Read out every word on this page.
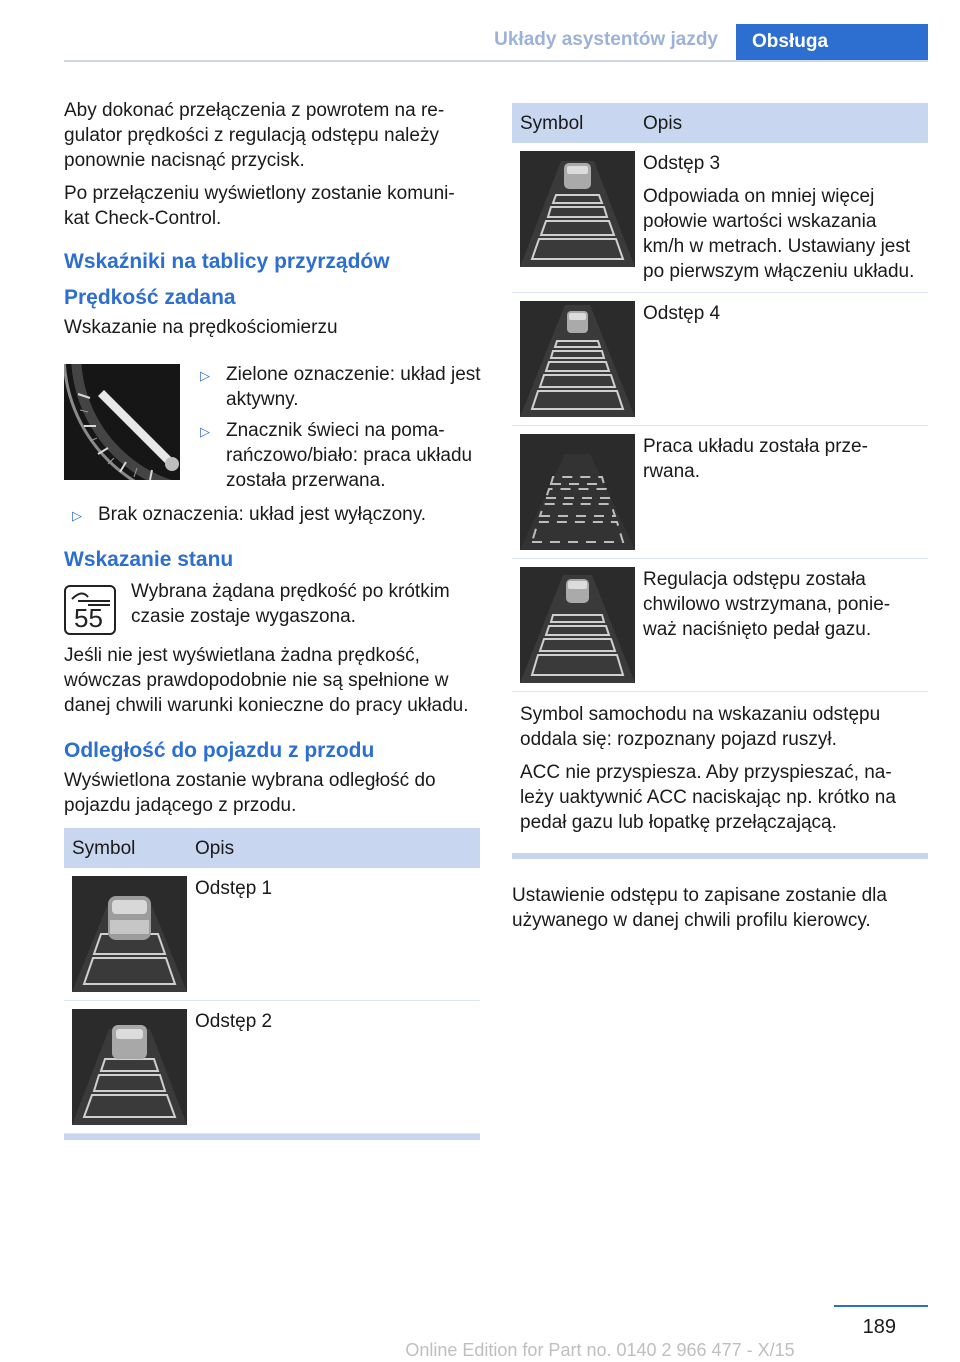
Układy asystentów jazdy	Obsługa

Aby dokonać przełączenia z powrotem na re-gulator prędkości z regulacją odstępu należy ponownie nacisnąć przycisk.

Po przełączeniu wyświetlony zostanie komuni-kat Check-Control.

Wskaźniki na tablicy przyrządów
Prędkość zadana

Wskazanie na prędkościomierzu

▷ Zielone oznaczenie: układ jest aktywny.
▷ Znacznik świeci na poma-rańczowo/biało: praca układu została przerwana.
▷ Brak oznaczenia: układ jest wyłączony.
Wskazanie stanu
55
Wybrana żądana prędkość po krótkim czasie zostaje wygaszona.

Jeśli nie jest wyświetlana żadna prędkość, wówczas prawdopodobnie nie są spełnione w danej chwili warunki konieczne do pracy układu.

Odległość do pojazdu z przodu

Wyświetlona zostanie wybrana odległość do pojazdu jadącego z przodu.

Symbol	Opis

	Odstęp 1

	Odstęp 2
Symbol	Opis

Odstęp 3

Odpowiada on mniej więcej połowie wartości wskazania km/h w metrach. Ustawiany jest po pierwszym włączeniu układu.

	Odstęp 4

	Praca układu została prze-rwana.

	Regulacja odstępu została chwilowo wstrzymana, ponie-waż naciśnięto pedał gazu.

Symbol samochodu na wskazaniu odstępu oddala się: rozpoznany pojazd ruszył.

ACC nie przyspiesza. Aby przyspieszać, na-leży uaktywnić ACC naciskając np. krótko na pedał gazu lub łopatkę przełączającą.	

Ustawienie odstępu to zapisane zostanie dla używanego w danej chwili profilu kierowcy.

189
Online Edition for Part no. 0140 2 966 477 - X/15
